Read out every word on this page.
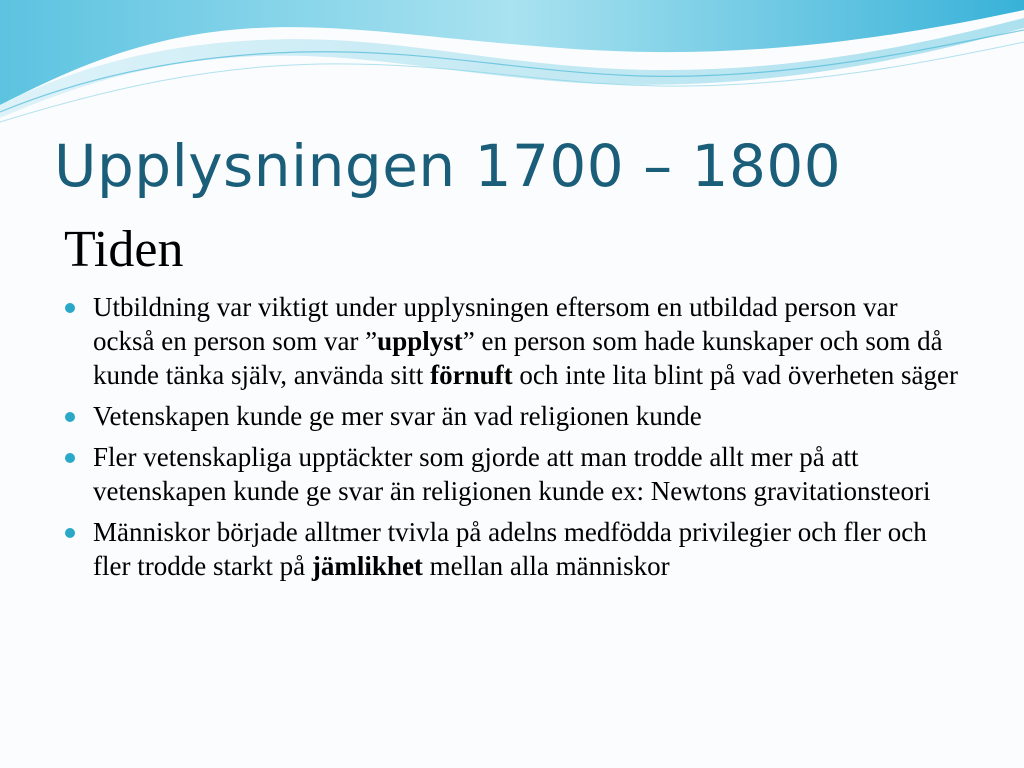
Upplysningen 1700 – 1800
Tiden
Utbildning var viktigt under upplysningen eftersom en utbildad person var också en person som var ”upplyst” en person som hade kunskaper och som då kunde tänka själv, använda sitt förnuft och inte lita blint på vad överheten säger
Vetenskapen kunde ge mer svar än vad religionen kunde
Fler vetenskapliga upptäckter som gjorde att man trodde allt mer på att vetenskapen kunde ge svar än religionen kunde ex: Newtons gravitationsteori
Människor började alltmer tvivla på adelns medfödda privilegier och fler och fler trodde starkt på jämlikhet mellan alla människor
